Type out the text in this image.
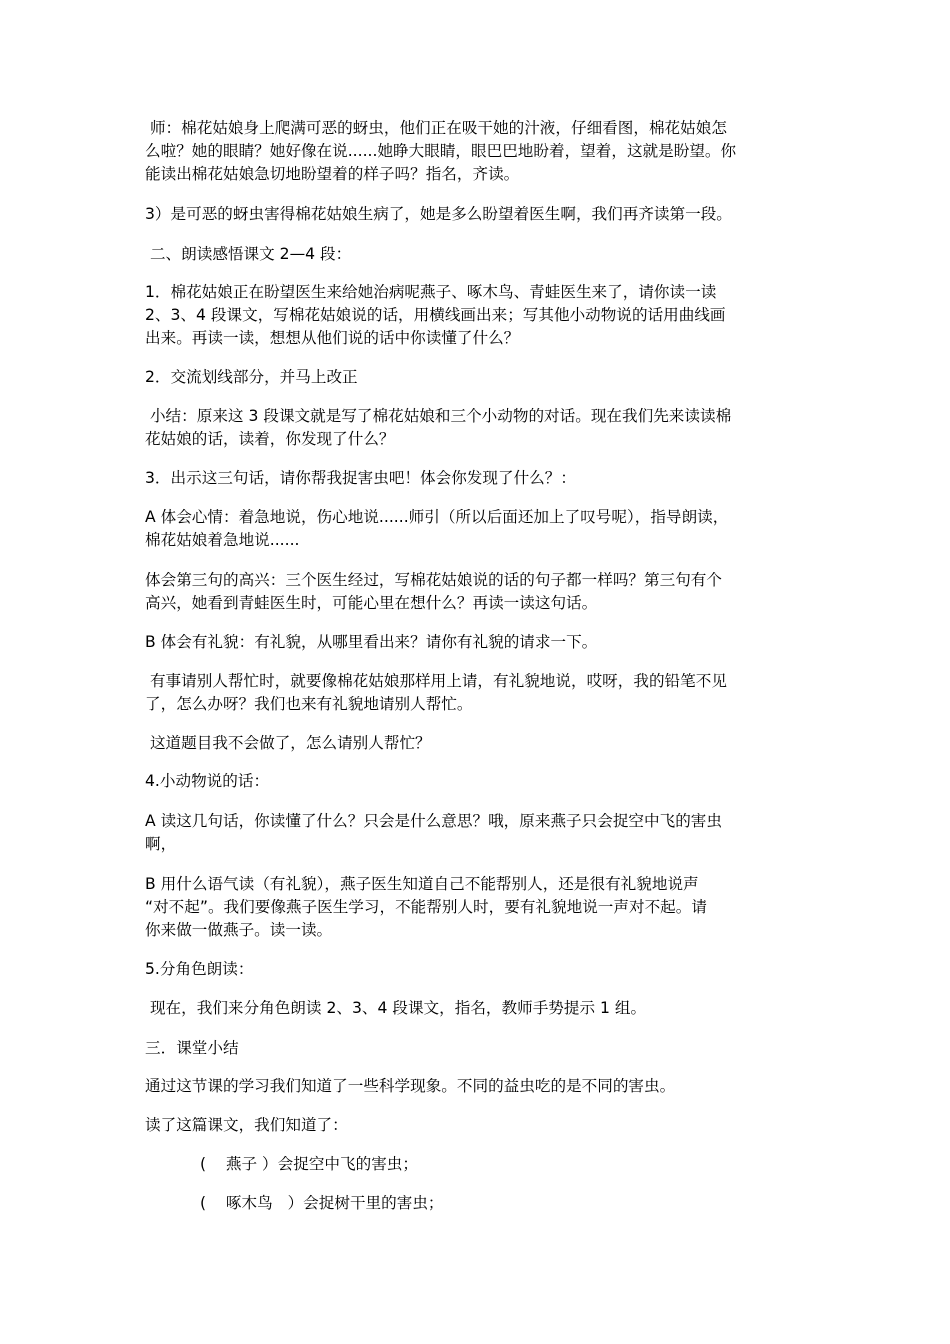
师：棉花姑娘身上爬满可恶的蚜虫，他们正在吸干她的汁液，仔细看图，棉花姑娘怎
么啦？她的眼睛？她好像在说......她睁大眼睛，眼巴巴地盼着，望着，这就是盼望。你
能读出棉花姑娘急切地盼望着的样子吗？指名，齐读。
3）是可恶的蚜虫害得棉花姑娘生病了，她是多么盼望着医生啊，我们再齐读第一段。
二、朗读感悟课文 2—4 段：
1．棉花姑娘正在盼望医生来给她治病呢燕子、啄木鸟、青蛙医生来了，请你读一读
2、3、4 段课文，写棉花姑娘说的话，用横线画出来；写其他小动物说的话用曲线画
出来。再读一读，想想从他们说的话中你读懂了什么？
2．交流划线部分，并马上改正
小结：原来这 3 段课文就是写了棉花姑娘和三个小动物的对话。现在我们先来读读棉
花姑娘的话，读着，你发现了什么？
3．出示这三句话，请你帮我捉害虫吧！体会你发现了什么？：
A 体会心情：着急地说，伤心地说......师引（所以后面还加上了叹号呢），指导朗读，
棉花姑娘着急地说......
体会第三句的高兴：三个医生经过，写棉花姑娘说的话的句子都一样吗？第三句有个
高兴，她看到青蛙医生时，可能心里在想什么？再读一读这句话。
B 体会有礼貌：有礼貌，从哪里看出来？请你有礼貌的请求一下。
有事请别人帮忙时，就要像棉花姑娘那样用上请，有礼貌地说，哎呀，我的铅笔不见
了，怎么办呀？我们也来有礼貌地请别人帮忙。
这道题目我不会做了，怎么请别人帮忙？
4.小动物说的话：
A 读这几句话，你读懂了什么？只会是什么意思？哦，原来燕子只会捉空中飞的害虫
啊，
B 用什么语气读（有礼貌），燕子医生知道自己不能帮别人，还是很有礼貌地说声
“对不起”。我们要像燕子医生学习，不能帮别人时，要有礼貌地说一声对不起。请
你来做一做燕子。读一读。
5.分角色朗读：
现在，我们来分角色朗读 2、3、4 段课文，指名，教师手势提示 1 组。
三．课堂小结
通过这节课的学习我们知道了一些科学现象。不同的益虫吃的是不同的害虫。
读了这篇课文，我们知道了：
(    燕子 ）会捉空中飞的害虫；
(    啄木鸟   ）会捉树干里的害虫；
